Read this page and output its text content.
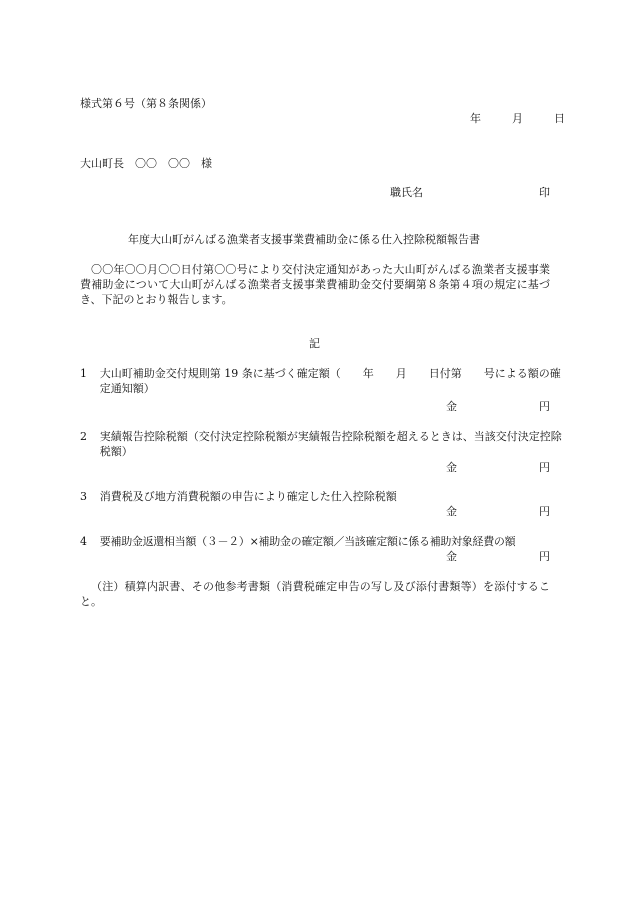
様式第６号（第８条関係）
年	月	日
大山町長　〇〇　〇〇　様
職氏名	印
年度大山町がんばる漁業者支援事業費補助金に係る仕入控除税額報告書
〇〇年〇〇月〇〇日付第〇〇号により交付決定通知があった大山町がんばる漁業者支援事業費補助金について大山町がんばる漁業者支援事業費補助金交付要綱第８条第４項の規定に基づき、下記のとおり報告します。
記
1 大山町補助金交付規則第 19 条に基づく確定額（　　年　　月　　日付第　　号による額の確定通知額）
金	円
2 実績報告控除税額（交付決定控除税額が実績報告控除税額を超えるときは、当該交付決定控除税額）
金	円
3 消費税及び地方消費税額の申告により確定した仕入控除税額
金	円
4 要補助金返還相当額（３－２）×補助金の確定額／当該確定額に係る補助対象経費の額
金	円
（注）積算内訳書、その他参考書類（消費税確定申告の写し及び添付書類等）を添付すること。
